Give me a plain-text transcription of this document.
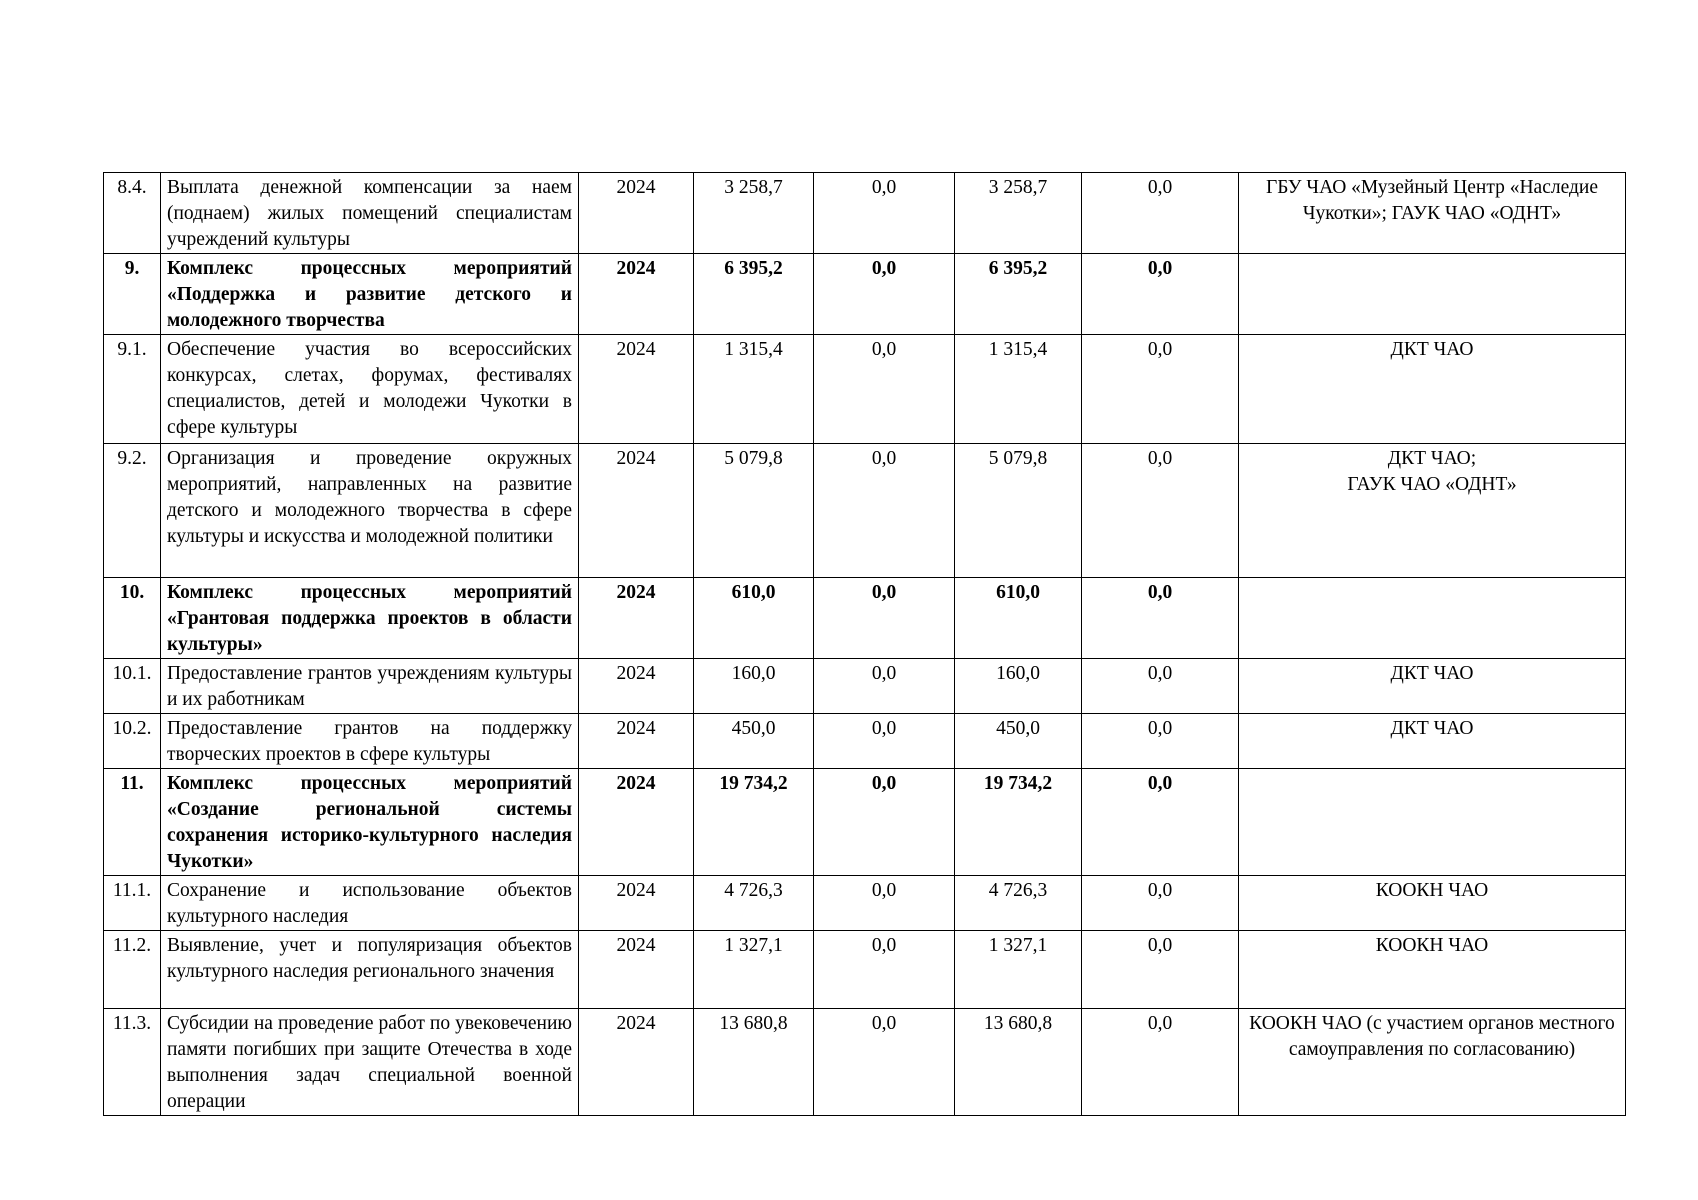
8.4.	Выплата денежной компенсации за наем (поднаем) жилых помещений специалистам учреждений культуры	2024	3 258,7	0,0	3 258,7	0,0	ГБУ ЧАО «Музейный Центр «Наследие Чукотки»; ГАУК ЧАО «ОДНТ»
9.	Комплекс процессных мероприятий «Поддержка и развитие детского и молодежного творчества	2024	6 395,2	0,0	6 395,2	0,0	
9.1.	Обеспечение участия во всероссийских конкурсах, слетах, форумах, фестивалях специалистов, детей и молодежи Чукотки в сфере культуры	2024	1 315,4	0,0	1 315,4	0,0	ДКТ ЧАО
9.2.	Организация и проведение окружных мероприятий, направленных на развитие детского и молодежного творчества в сфере культуры и искусства и молодежной политики	2024	5 079,8	0,0	5 079,8	0,0	ДКТ ЧАО;
ГАУК ЧАО «ОДНТ»
10.	Комплекс процессных мероприятий «Грантовая поддержка проектов в области культуры»	2024	610,0	0,0	610,0	0,0	
10.1.	Предоставление грантов учреждениям культуры и их работникам	2024	160,0	0,0	160,0	0,0	ДКТ ЧАО
10.2.	Предоставление грантов на поддержку творческих проектов в сфере культуры	2024	450,0	0,0	450,0	0,0	ДКТ ЧАО
11.	Комплекс процессных мероприятий «Создание региональной системы сохранения историко-культурного наследия Чукотки»	2024	19 734,2	0,0	19 734,2	0,0	
11.1.	Сохранение и использование объектов культурного наследия	2024	4 726,3	0,0	4 726,3	0,0	КООКН ЧАО
11.2.	Выявление, учет и популяризация объектов культурного наследия регионального значения	2024	1 327,1	0,0	1 327,1	0,0	КООКН ЧАО
11.3.	Субсидии на проведение работ по увековечению памяти погибших при защите Отечества в ходе выполнения задач специальной военной операции	2024	13 680,8	0,0	13 680,8	0,0	КООКН ЧАО (с участием органов местного самоуправления по согласованию)
